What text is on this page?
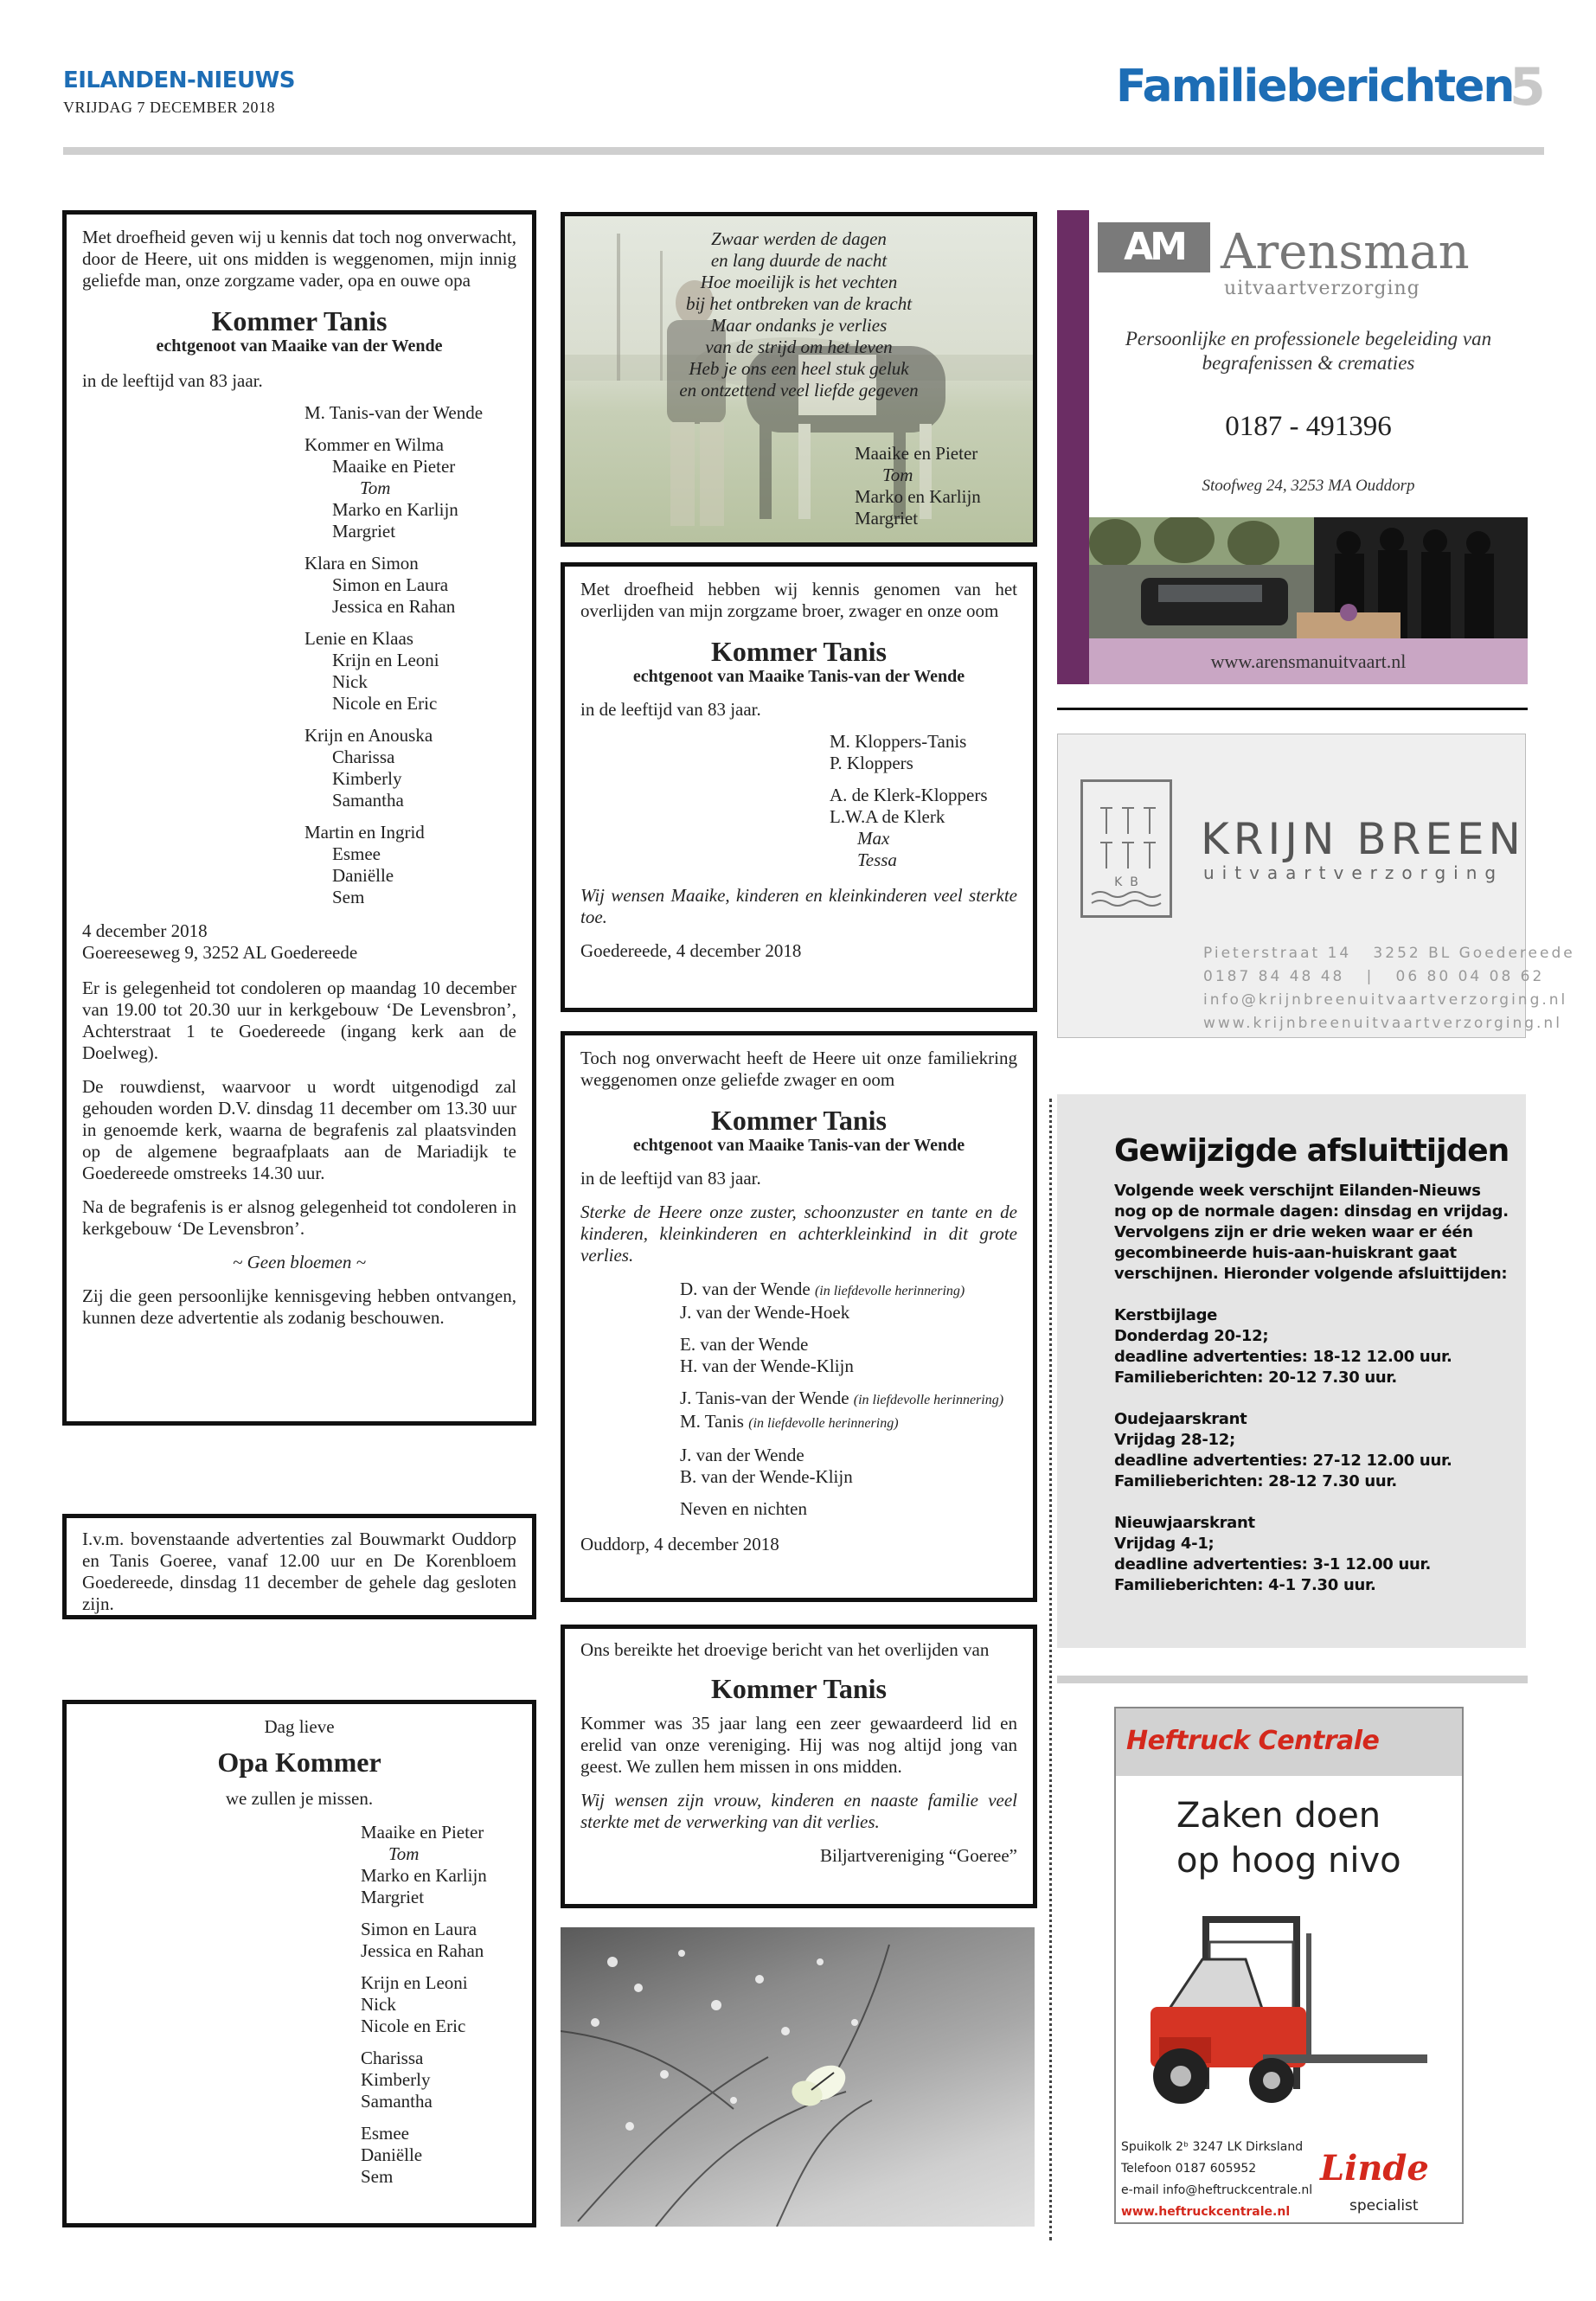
EILANDEN-NIEUWS
VRIJDAG 7 DECEMBER 2018	Familieberichten
5

Met droefheid geven wij u kennis dat toch nog onverwacht, door de Heere, uit ons midden is weggenomen, mijn innig geliefde man, onze zorgzame vader, opa en ouwe opa

Kommer Tanis

echtgenoot van Maaike van der Wende

in de leeftijd van 83 jaar.

M. Tanis-van der Wende
Kommer en Wilma
Maaike en Pieter
Tom
Marko en Karlijn
Margriet
Klara en Simon
Simon en Laura
Jessica en Rahan
Lenie en Klaas
Krijn en Leoni
Nick
Nicole en Eric
Krijn en Anouska
Charissa
Kimberly
Samantha
Martin en Ingrid
Esmee
Daniëlle
Sem

4 december 2018

Goereeseweg 9, 3252 AL Goedereede

Er is gelegenheid tot condoleren op maandag 10 december van 19.00 tot 20.30 uur in kerkgebouw ‘De Levensbron’, Achterstraat 1 te Goedereede (ingang kerk aan de Doelweg).

De rouwdienst, waarvoor u wordt uitgenodigd zal gehouden worden D.V. dinsdag 11 december om 13.30 uur in genoemde kerk, waarna de begrafenis zal plaatsvinden op de algemene begraafplaats aan de Mariadijk te Goedereede omstreeks 14.30 uur.

Na de begrafenis is er alsnog gelegenheid tot condoleren in kerkgebouw ‘De Levensbron’.

~ Geen bloemen ~

Zij die geen persoonlijke kennisgeving hebben ontvangen, kunnen deze advertentie als zodanig beschouwen.

I.v.m. bovenstaande advertenties zal Bouwmarkt Ouddorp en Tanis Goeree, vanaf 12.00 uur en De Korenbloem Goedereede, dinsdag 11 december de gehele dag gesloten zijn.

Dag lieve

Opa Kommer

we zullen je missen.

Maaike en Pieter
Tom
Marko en Karlijn
Margriet
Simon en Laura
Jessica en Rahan
Krijn en Leoni
Nick
Nicole en Eric
Charissa
Kimberly
Samantha
Esmee
Daniëlle
Sem
Zwaar werden de dagen
en lang duurde de nacht
Hoe moeilijk is het vechten
bij het ontbreken van de kracht
Maar ondanks je verlies
van de strijd om het leven
Heb je ons een heel stuk geluk
en ontzettend veel liefde gegeven
Maaike en Pieter
Tom
Marko en Karlijn
Margriet

Met droefheid hebben wij kennis genomen van het overlijden van mijn zorgzame broer, zwager en onze oom

Kommer Tanis

echtgenoot van Maaike Tanis-van der Wende

in de leeftijd van 83 jaar.

M. Kloppers-Tanis
P. Kloppers
A. de Klerk-Kloppers
L.W.A de Klerk
Max
Tessa

Wij wensen Maaike, kinderen en kleinkinderen veel sterkte toe.

Goedereede, 4 december 2018

Toch nog onverwacht heeft de Heere uit onze familiekring weggenomen onze geliefde zwager en oom

Kommer Tanis

echtgenoot van Maaike Tanis-van der Wende

in de leeftijd van 83 jaar.

Sterke de Heere onze zuster, schoonzuster en tante en de kinderen, kleinkinderen en achterkleinkind in dit grote verlies.

D. van der Wende (in liefdevolle herinnering)
J. van der Wende-Hoek
E. van der Wende
H. van der Wende-Klijn
J. Tanis-van der Wende (in liefdevolle herinnering)
M. Tanis (in liefdevolle herinnering)
J. van der Wende
B. van der Wende-Klijn
Neven en nichten

Ouddorp, 4 december 2018

Ons bereikte het droevige bericht van het overlijden van

Kommer Tanis

Kommer was 35 jaar lang een zeer gewaardeerd lid en erelid van onze vereniging. Hij was nog altijd jong van geest. We zullen hem missen in ons midden.

Wij wensen zijn vrouw, kinderen en naaste familie veel sterkte met de verwerking van dit verlies.

Biljartvereniging “Goeree”

AM Arensman
uitvaartverzorging
Persoonlijke en professionele begeleiding van begrafenissen & crematies
0187 - 491396
Stoofweg 24, 3253 MA Ouddorp
www.arensmanuitvaart.nl
K  B
KRIJN BREEN
uitvaartverzorging
Pieterstraat 14   3252 BL Goedereede
0187 84 48 48   |   06 80 04 08 62
info@krijnbreenuitvaartverzorging.nl
www.krijnbreenuitvaartverzorging.nl
Gewijzigde afsluittijden
Volgende week verschijnt Eilanden-Nieuws nog op de normale dagen: dinsdag en vrijdag. Vervolgens zijn er drie weken waar er één gecombineerde huis-aan-huiskrant gaat verschijnen. Hieronder volgende afsluittijden:
Kerstbijlage
Donderdag 20-12;
deadline advertenties: 18-12 12.00 uur.
Familieberichten: 20-12 7.30 uur.
Oudejaarskrant
Vrijdag 28-12;
deadline advertenties: 27-12 12.00 uur.
Familieberichten: 28-12 7.30 uur.
Nieuwjaarskrant
Vrijdag 4-1;
deadline advertenties: 3-1 12.00 uur.
Familieberichten: 4-1 7.30 uur.
Heftruck Centrale
Zaken doen
op hoog nivo
Spuikolk 2ᵇ 3247 LK Dirksland
Telefoon 0187 605952
e-mail info@heftruckcentrale.nl
www.heftruckcentrale.nl
Linde
specialist
